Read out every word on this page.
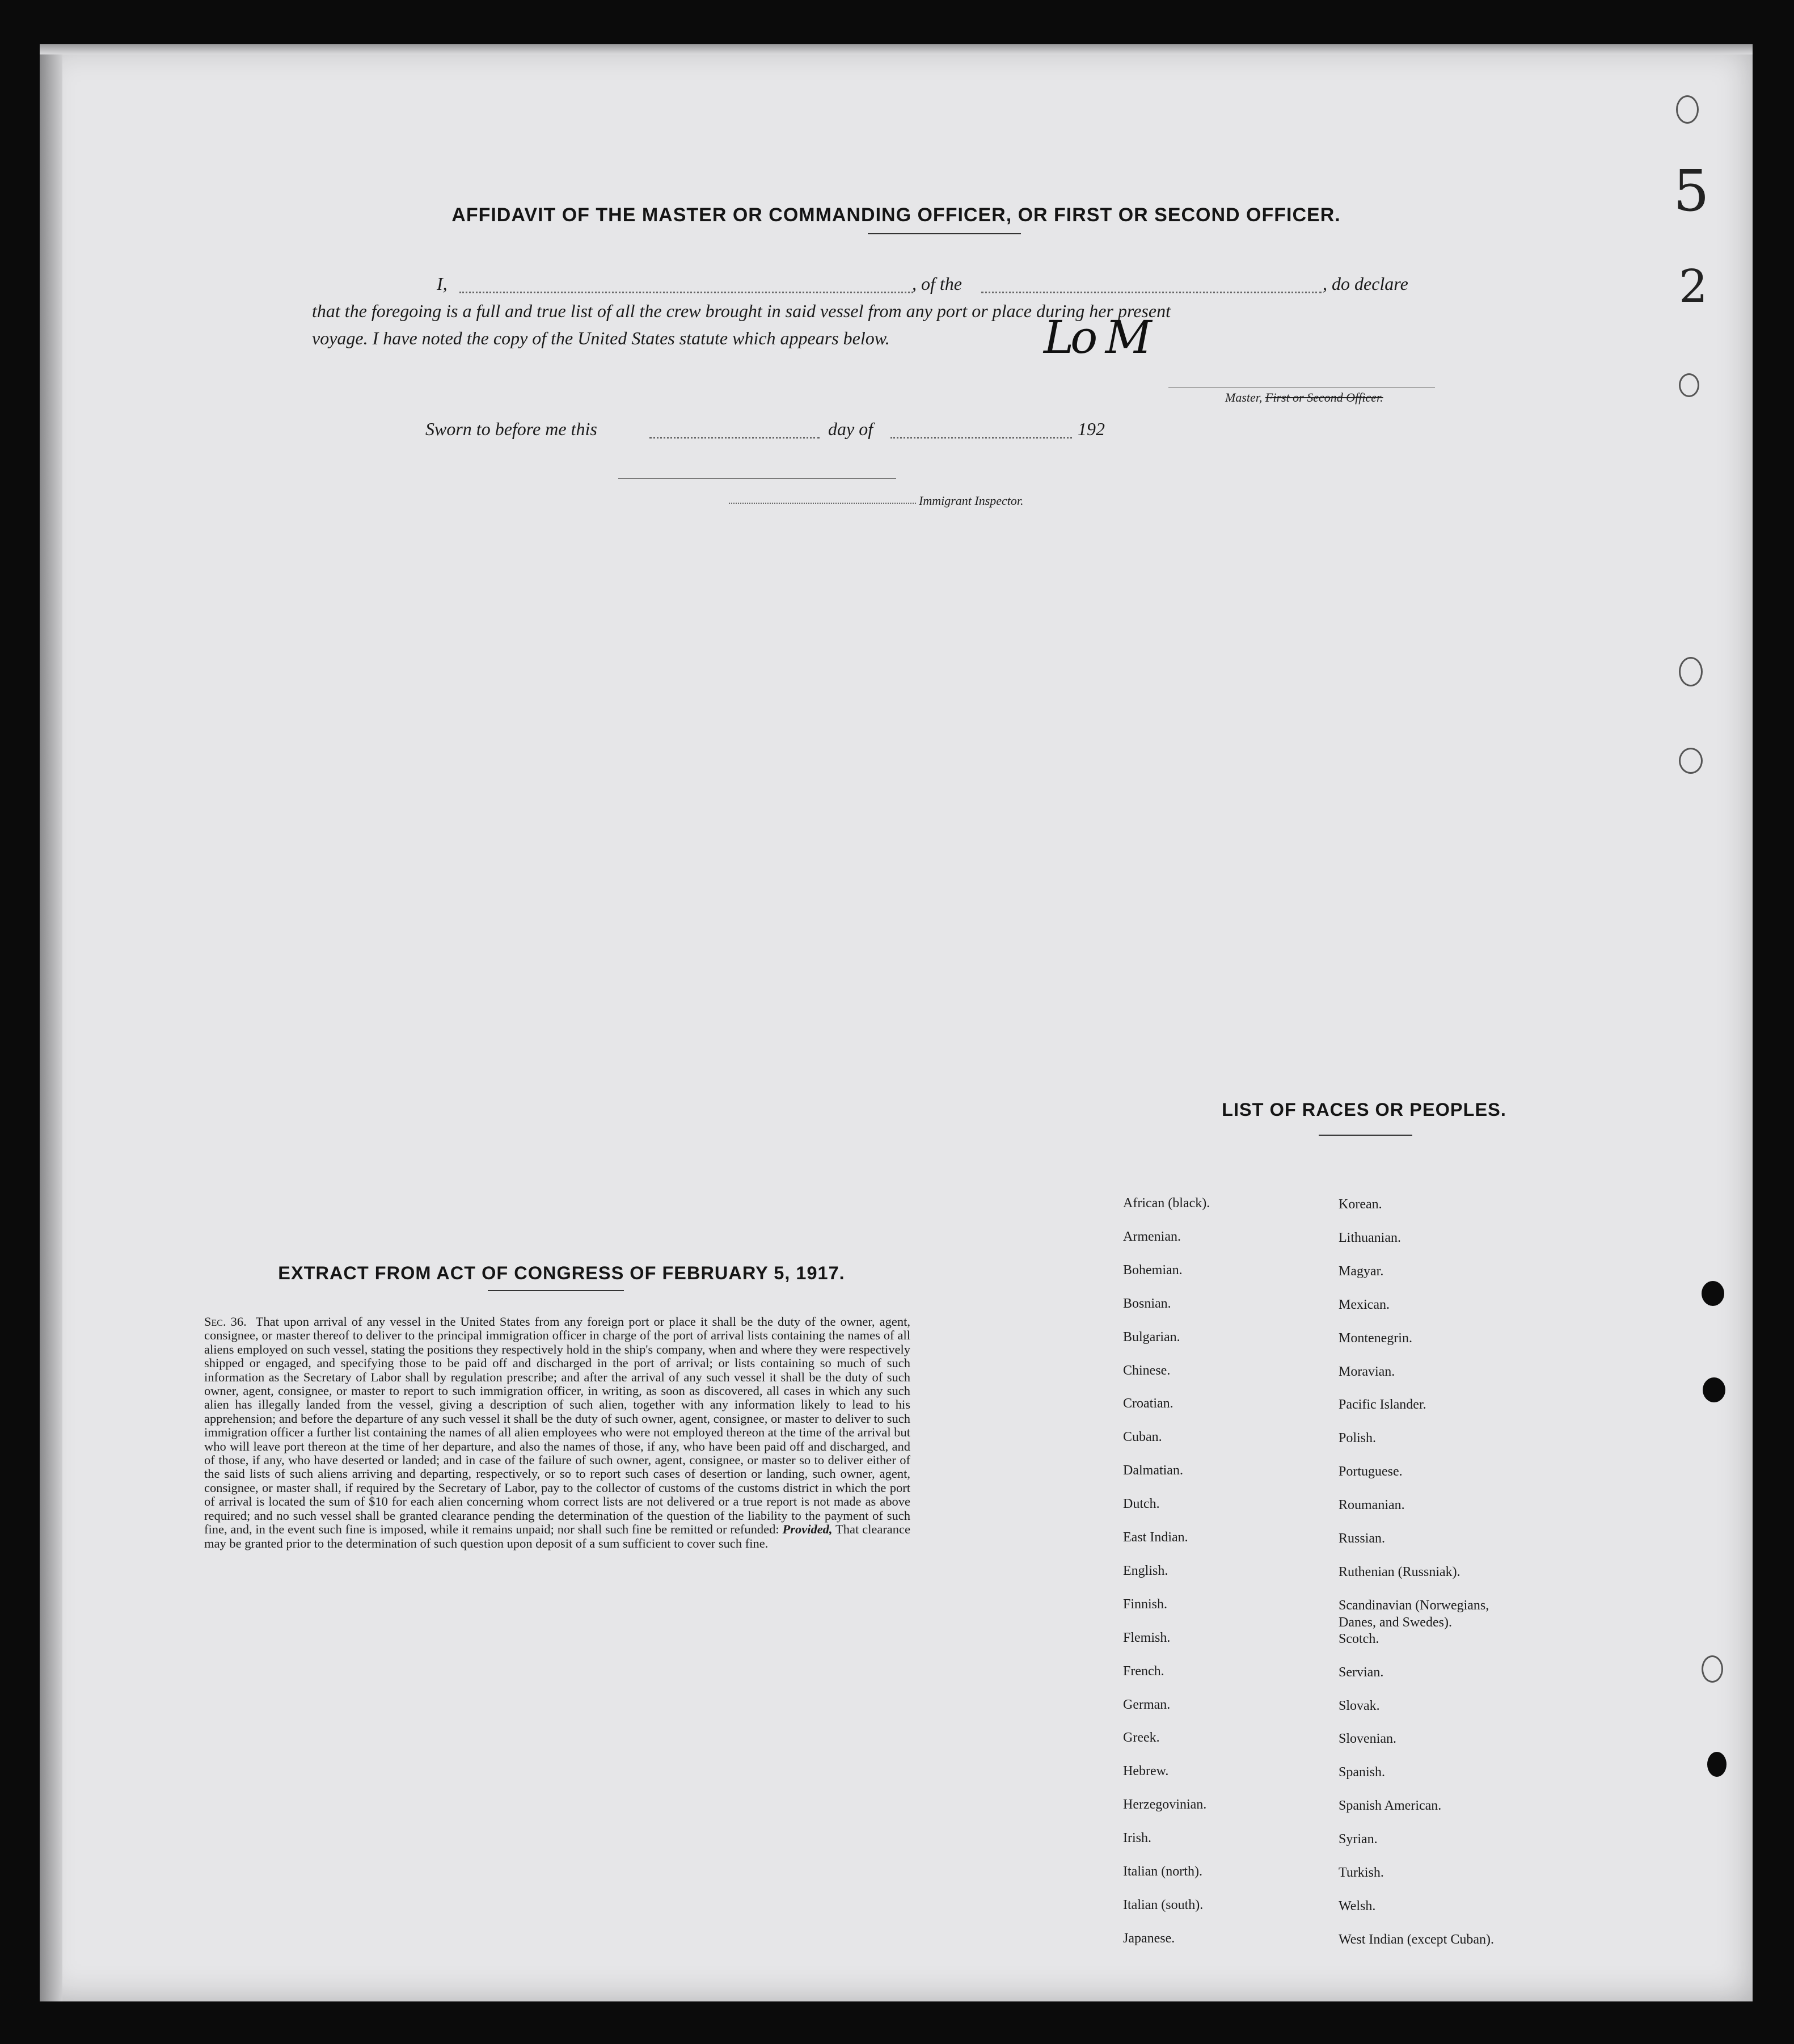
AFFIDAVIT OF THE MASTER OR COMMANDING OFFICER, OR FIRST OR SECOND OFFICER.
I,	, of the	, do declare
that the foregoing is a full and true list of all the crew brought in said vessel from any port or place during her present
voyage. I have noted the copy of the United States statute which appears below.	Lo M
Master, First or Second Officer.
Sworn to before me this	day of	192
Immigrant Inspector.
EXTRACT FROM ACT OF CONGRESS OF FEBRUARY 5, 1917.
Sec. 36. That upon arrival of any vessel in the United States from any foreign port or place it shall be the duty of the owner, agent, consignee, or master thereof to deliver to the principal immigration officer in charge of the port of arrival lists containing the names of all aliens employed on such vessel, stating the positions they respectively hold in the ship's company, when and where they were respectively shipped or engaged, and specifying those to be paid off and discharged in the port of arrival; or lists containing so much of such information as the Secretary of Labor shall by regulation prescribe; and after the arrival of any such vessel it shall be the duty of such owner, agent, consignee, or master to report to such immigration officer, in writing, as soon as discovered, all cases in which any such alien has illegally landed from the vessel, giving a description of such alien, together with any information likely to lead to his apprehension; and before the departure of any such vessel it shall be the duty of such owner, agent, consignee, or master to deliver to such immigration officer a further list containing the names of all alien employees who were not employed thereon at the time of the arrival but who will leave port thereon at the time of her departure, and also the names of those, if any, who have been paid off and discharged, and of those, if any, who have deserted or landed; and in case of the failure of such owner, agent, consignee, or master so to deliver either of the said lists of such aliens arriving and departing, respectively, or so to report such cases of desertion or landing, such owner, agent, consignee, or master shall, if required by the Secretary of Labor, pay to the collector of customs of the customs district in which the port of arrival is located the sum of $10 for each alien concerning whom correct lists are not delivered or a true report is not made as above required; and no such vessel shall be granted clearance pending the determination of the question of the liability to the payment of such fine, and, in the event such fine is imposed, while it remains unpaid; nor shall such fine be remitted or refunded: Provided, That clearance may be granted prior to the determination of such question upon deposit of a sum sufficient to cover such fine.
LIST OF RACES OR PEOPLES.
African (black).	Korean.
Armenian.	Lithuanian.
Bohemian.	Magyar.
Bosnian.	Mexican.
Bulgarian.	Montenegrin.
Chinese.	Moravian.
Croatian.	Pacific Islander.
Cuban.	Polish.
Dalmatian.	Portuguese.
Dutch.	Roumanian.
East Indian.	Russian.
English.	Ruthenian (Russniak).
Finnish.	Scandinavian (Norwegians,
Danes, and Swedes).
Flemish.	Scotch.
French.	Servian.
German.	Slovak.
Greek.	Slovenian.
Hebrew.	Spanish.
Herzegovinian.	Spanish American.
Irish.	Syrian.
Italian (north).	Turkish.
Italian (south).	Welsh.
Japanese.	West Indian (except Cuban).
5
2
